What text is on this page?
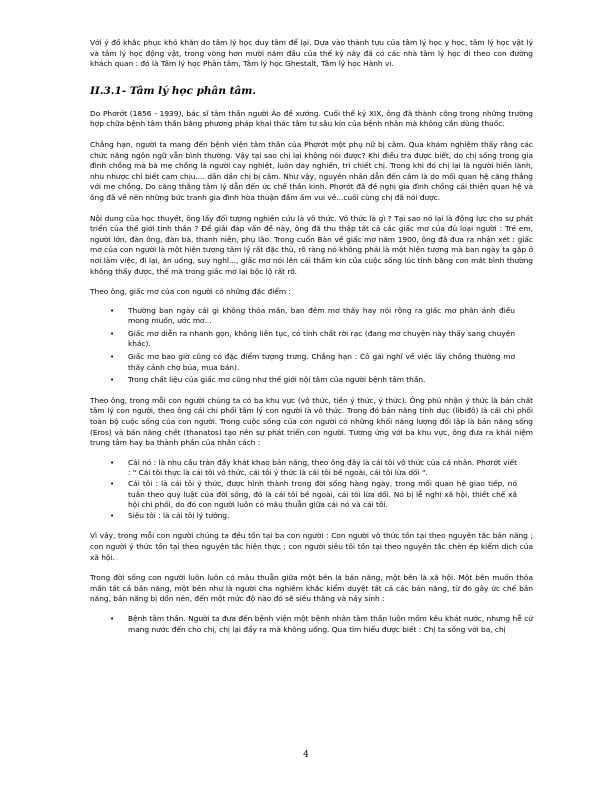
Với ý đồ khắc phục khó khăn do tâm lý học duy tâm để lại. Dựa vào thành tựu của tâm lý học y học, tâm lý học vật lý và tâm lý học động vật, trong vòng hơn mười năm đầu của thế kỷ này đã có các nhà tâm lý học đi theo con đường khách quan : đó là Tâm lý học Phân tâm, Tâm lý học Ghestalt, Tâm lý học Hành vi.

II.3.1- Tâm lý học phân tâm.

Do Phơrớt (1856 - 1939), bác sĩ tâm thần người Áo đề xướng. Cuối thế kỷ XIX, ông đã thành công trong những trường hợp chữa bệnh tâm thần bằng phương pháp khai thác tâm tư sâu kín của bệnh nhân mà không cần dùng thuốc.

Chẳng hạn, người ta mang đến bệnh viện tâm thần của Phơrớt một phụ nữ bị câm. Qua khám nghiệm thấy rằng các chức năng ngôn ngữ vẫn bình thường. Vậy tại sao chị lại không nói được? Khi điều tra được biết, do chị sống trong gia đình chồng mà bà mẹ chồng là người cay nghiệt, luôn day nghiến, trì chiết chị. Trong khi đó chị lại là người hiền lành, nhu nhược chỉ biết cam chịu.... dần dần chị bị câm. Như vậy, nguyên nhân dẫn đến câm là do mối quan hệ căng thẳng với mẹ chồng. Do căng thẳng tâm lý dẫn đến ức chế thần kinh. Phơrớt đã đề nghị gia đình chồng cải thiện quan hệ và ông đã về nên những bức tranh gia đình hòa thuận đầm ấm vui vẻ...cuối cùng chị đã nói được.

Nội dung của học thuyết, ông lấy đối tượng nghiên cứu là vô thức. Vô thức là gì ? Tại sao nó lại là động lực cho sự phát triển của thế giới tinh thần ? Để giải đáp vấn đề này, ông đã thu thập tất cả các giấc mơ của đủ loại người : Trẻ em, người lớn, đàn ông, đàn bà, thanh niên, phụ lão. Trong cuốn Bàn về giấc mơ năm 1900, ông đã đưa ra nhận xét : giấc mơ của con người là một hiện tượng tâm lý rất đặc thù, rõ ràng nó không phải là một hiện tượng mà ban ngày ta gặp ở nơi làm việc, đi lại, ăn uống, suy nghĩ..., giấc mơ nói lên cái thầm kín của cuộc sống lúc tỉnh bằng con mắt bình thường không thấy được, thế mà trong giấc mơ lại bộc lộ rất rõ.

Theo ông, giấc mơ của con người có những đặc điểm :

• Thường ban ngày cái gì không thỏa mãn, ban đêm mơ thấy hay nói rộng ra giấc mơ phản ánh điều mong muốn, ước mơ...
• Giấc mơ diễn ra nhanh gọn, không liên tục, có tính chất rời rạc (đang mơ chuyện này thấy sang chuyện khác).
• Giấc mơ bao giờ cũng có đặc điểm tượng trưng. Chẳng hạn : Cô gái nghĩ về việc lấy chồng thường mơ thấy cảnh chợ búa, mua bán).
• Trong chất liệu của giấc mơ cũng như thế giới nội tâm của người bệnh tâm thần.

Theo ông, trong mỗi con người chúng ta có ba khu vực (vô thức, tiền ý thức, ý thức). Ông phủ nhận ý thức là bản chất tâm lý con người, theo ông cái chi phối tâm lý con người là vô thức. Trong đó bản năng tính dục (libiđô) là cái chi phối toàn bộ cuộc sống của con người. Trong cuộc sống của con người có những khối năng lượng đối lập là bản năng sống (Eros) và bản năng chết (thanatos) tạo nên sự phát triển con người. Tương ứng với ba khu vực, ông đưa ra khái niệm trung tâm hay ba thành phần của nhân cách :

• Cái nó : là nhu cầu tràn đầy khát khao bản năng, theo ông đây là cái tôi vô thức của cá nhân. Phơrớt viết : " Cái tôi thực là cái tôi vô thức, cái tôi ý thức là cái tôi bề ngoài, cái tôi lừa dối ".
• Cái tôi : là cái tôi ý thức, được hình thành trong đời sống hàng ngày, trong mối quan hệ giao tiếp, nó tuân theo quy luật của đời sống, đó là cái tôi bề ngoài, cái tôi lừa dối. Nó bị lễ nghi xã hội, thiết chế xã hội chi phối, do đó con người luôn có mâu thuẫn giữa cái nó và cái tôi.
• Siêu tôi : là cái tôi lý tưởng.

Vì vậy, trong mỗi con người chúng ta đều tồn tại ba con người : Con người vô thức tồn tại theo nguyên tắc bản năng ; con người ý thức tồn tại theo nguyên tắc hiện thực ; con người siêu tôi tồn tại theo nguyên tắc chèn ép kiểm dịch của xã hội.

Trong đời sống con người luôn luôn có mâu thuẫn giữa một bên là bản năng, một bên là xã hội. Một bên muốn thỏa mãn tất cả bản năng, một bên như là người cha nghiêm khắc kiểm duyệt tất cả các bản năng, từ đó gây ức chế bản năng, bản năng bị dồn nén, đến một mức độ nào đó sẽ siêu thăng và nảy sinh :

• Bệnh tâm thần. Người ta đưa đến bệnh viện một bệnh nhân tâm thần luôn mồm kêu khát nước, nhưng hễ cứ mang nước đến cho chị, chị lại đẩy ra mà không uống. Qua tìm hiểu được biết : Chị ta sống với ba, chị
4
